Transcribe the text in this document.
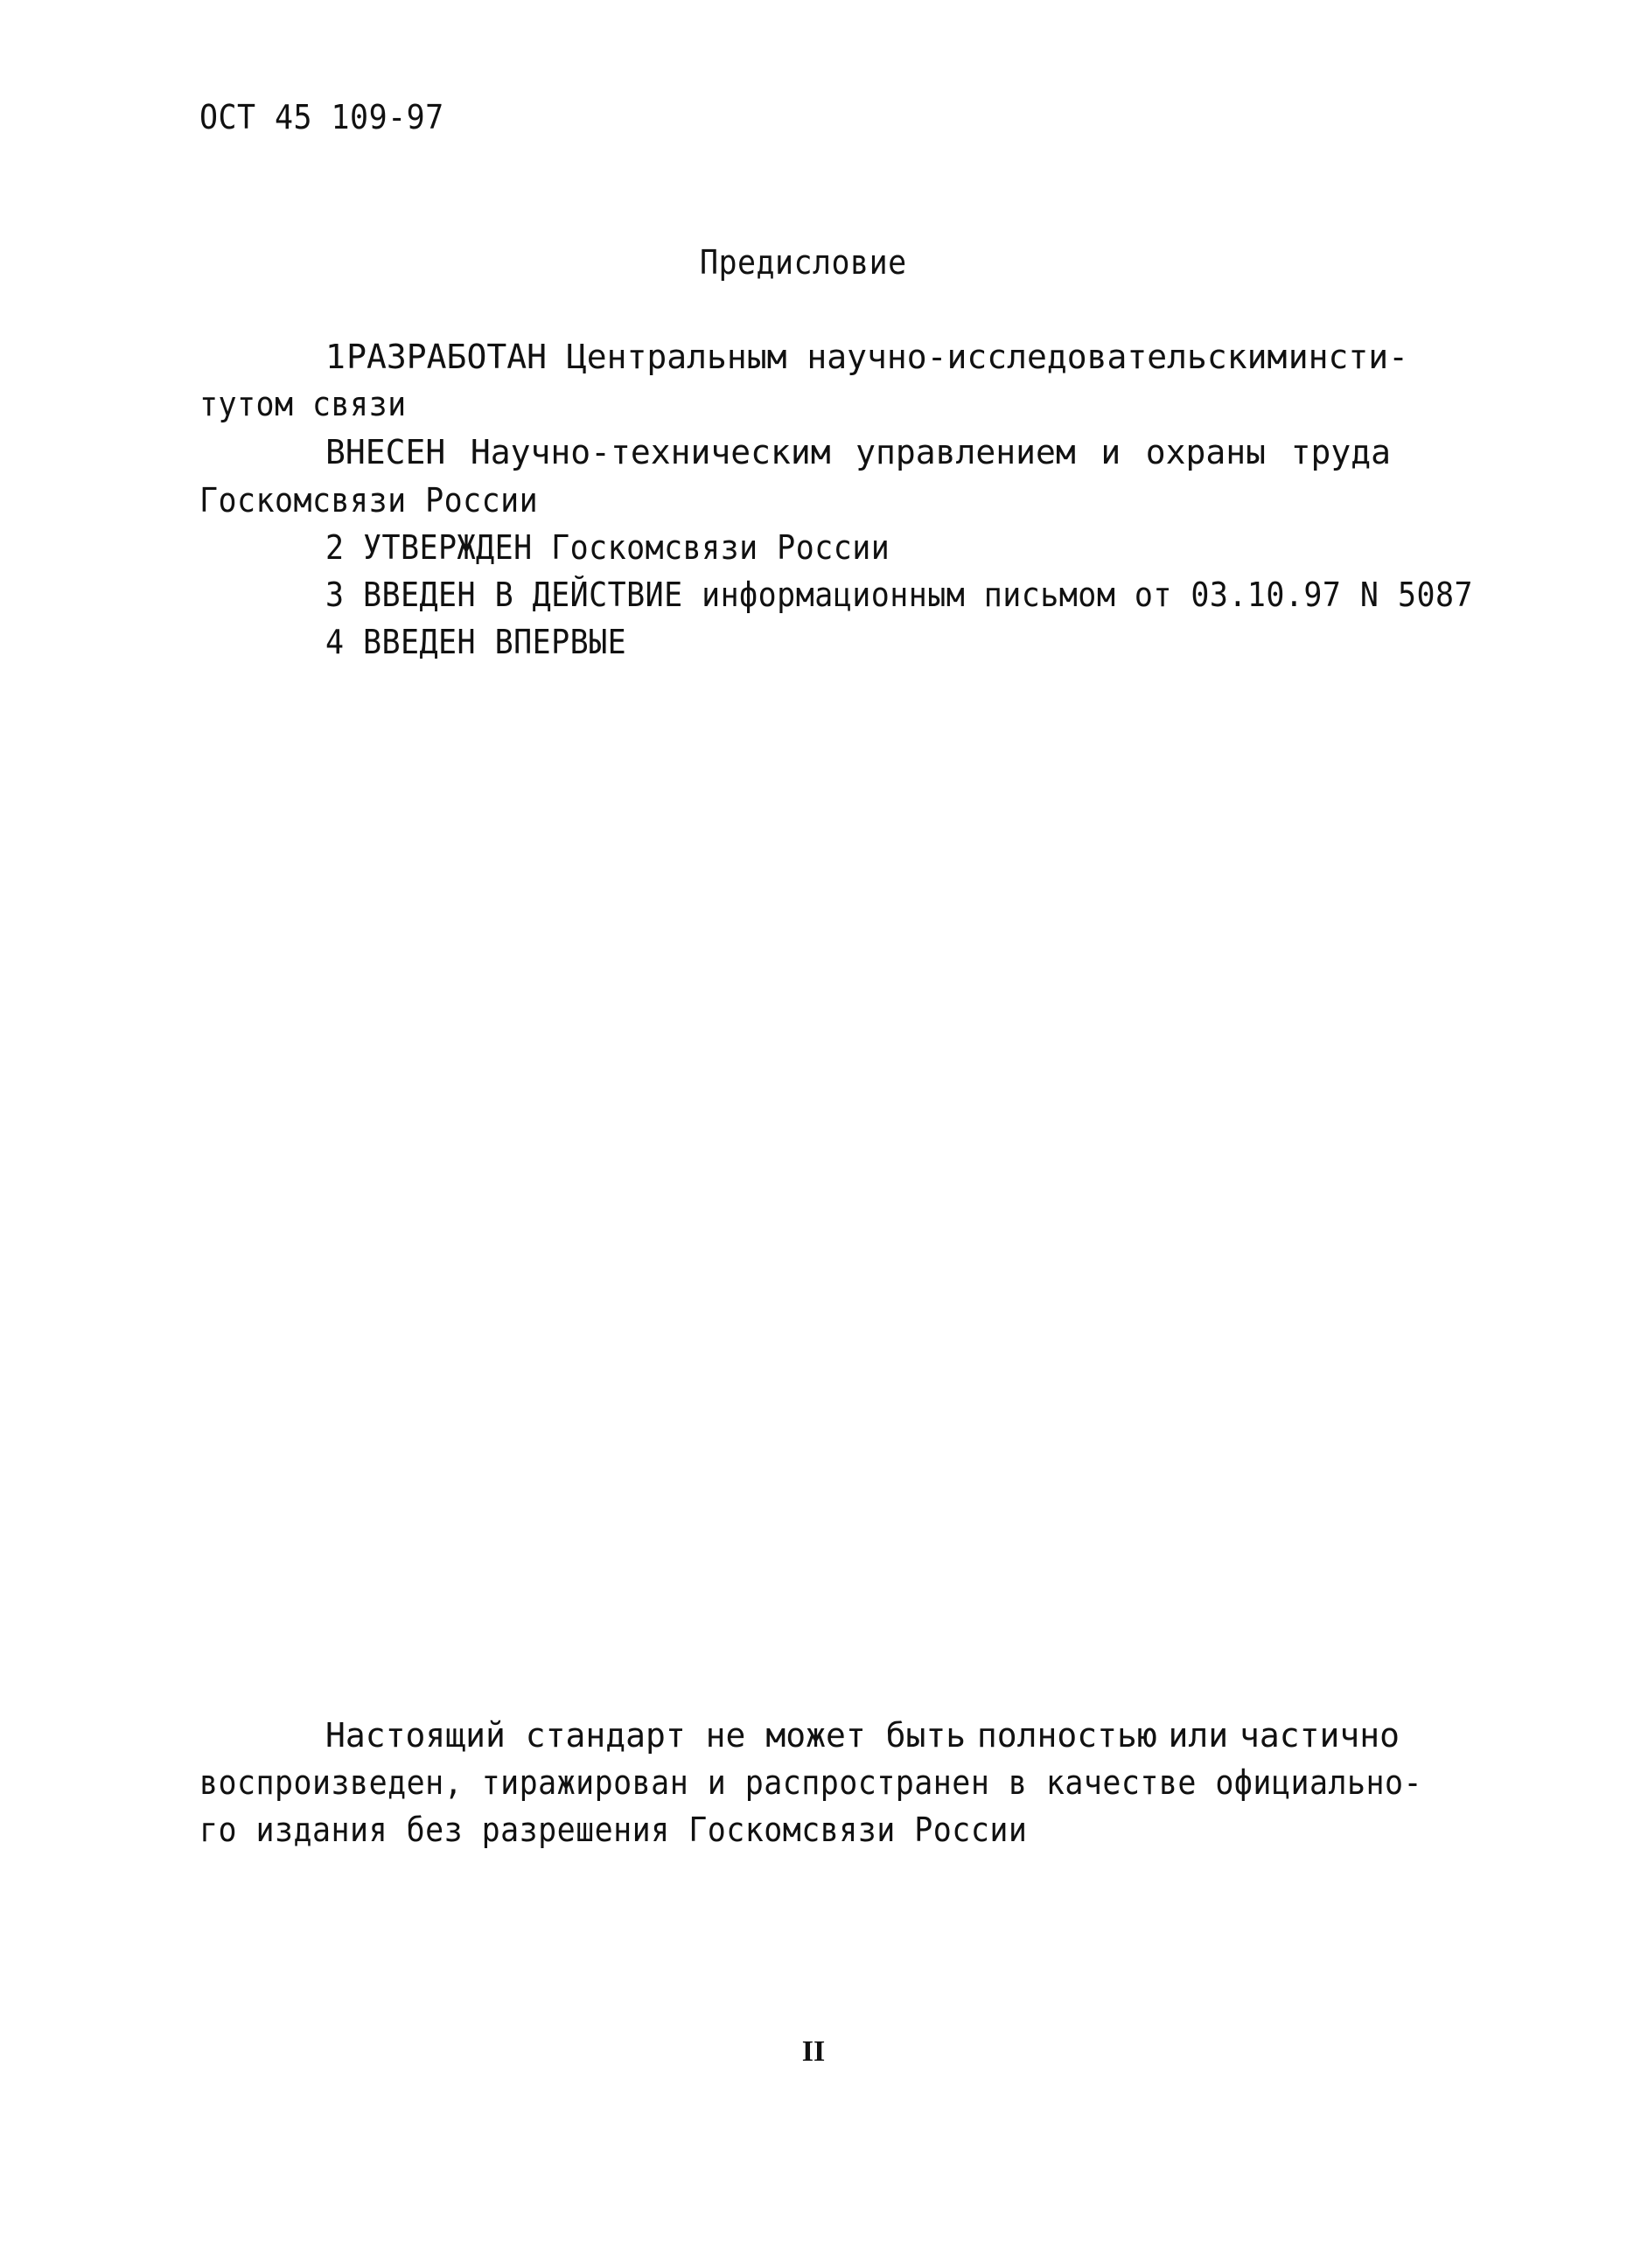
ОСТ 45 109-97
Предисловие
1 РАЗРАБОТАН Центральным научно-исследовательским инсти-
тутом связи
ВНЕСЕН Научно-техническим управлением и охраны труда
Госкомсвязи России
2 УТВЕРЖДЕН Госкомсвязи России
3 ВВЕДЕН В ДЕЙСТВИЕ информационным письмом от 03.10.97 N 5087
4 ВВЕДЕН ВПЕРВЫЕ
Настоящий стандарт не может быть полностью или частично
воспроизведен, тиражирован и распространен в качестве официально-
го издания без разрешения Госкомсвязи России
II
